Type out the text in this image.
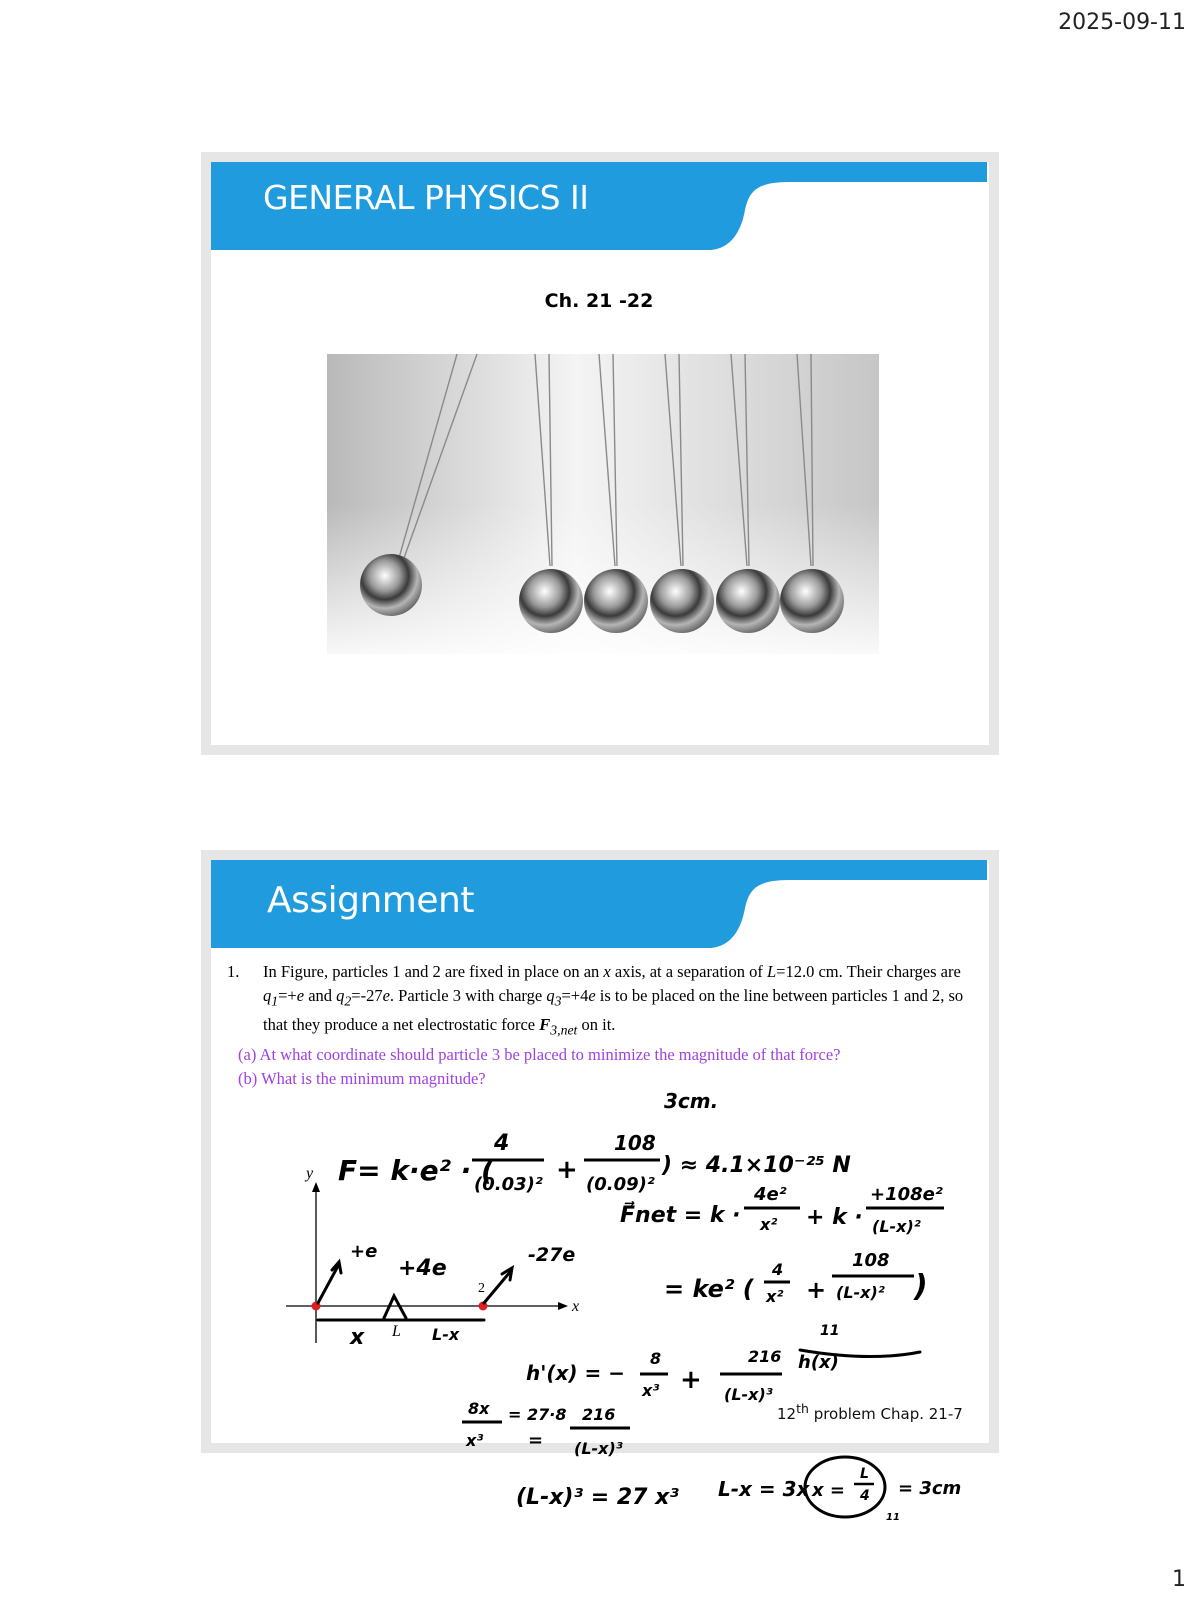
2025-09-11
GENERAL PHYSICS II
Ch. 21 -22
Assignment
1. In Figure, particles 1 and 2 are fixed in place on an x axis, at a separation of L=12.0 cm. Their charges are $q_1=+e$ and $q_2=-27e$. Particle 3 with charge $q_3=+4e$ is to be placed on the line between particles 1 and 2, so that they produce a net electrostatic force $F_{3,net}$ on it.
(a) At what coordinate should particle 3 be placed to minimize the magnitude of that force?
(b) What is the minimum magnitude?
12th problem Chap. 21-7
y
x
L
2
+e
+4e
-27e
x	L-x
3cm.
F= k·e² · (
4
(0.03)² +
108
(0.09)²
) ≈ 4.1×10⁻²⁵ N
F⃗net = k ·
4e²
x² + k ·
+108e²
(L-x)²
= ke² (
4
x² +
108
(L-x)² )
11
h(x)
h'(x) = −
8
x³ +
216
(L-x)³
8x
x³
= 27·8 216
(L-x)³
=
(L-x)³ = 27 x³ L-x = 3x x =
L
4
11
= 3cm
1
